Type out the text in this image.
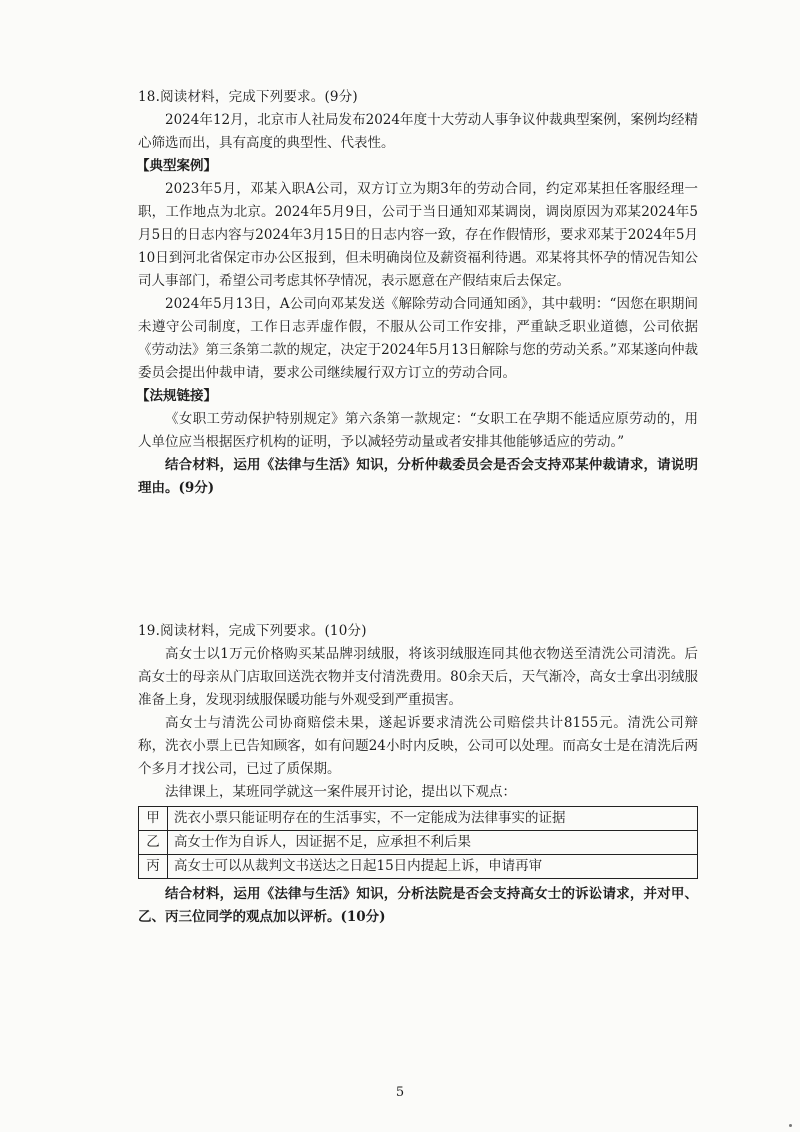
18.阅读材料，完成下列要求。(9分)

2024年12月，北京市人社局发布2024年度十大劳动人事争议仲裁典型案例，案例均经精心筛选而出，具有高度的典型性、代表性。

【典型案例】

2023年5月，邓某入职A公司，双方订立为期3年的劳动合同，约定邓某担任客服经理一职，工作地点为北京。2024年5月9日，公司于当日通知邓某调岗，调岗原因为邓某2024年5月5日的日志内容与2024年3月15日的日志内容一致，存在作假情形，要求邓某于2024年5月10日到河北省保定市办公区报到，但未明确岗位及薪资福利待遇。邓某将其怀孕的情况告知公司人事部门，希望公司考虑其怀孕情况，表示愿意在产假结束后去保定。

2024年5月13日，A公司向邓某发送《解除劳动合同通知函》，其中载明：“因您在职期间未遵守公司制度，工作日志弄虚作假，不服从公司工作安排，严重缺乏职业道德，公司依据《劳动法》第三条第二款的规定，决定于2024年5月13日解除与您的劳动关系。”邓某遂向仲裁委员会提出仲裁申请，要求公司继续履行双方订立的劳动合同。

【法规链接】

《女职工劳动保护特别规定》第六条第一款规定：“女职工在孕期不能适应原劳动的，用人单位应当根据医疗机构的证明，予以减轻劳动量或者安排其他能够适应的劳动。”

结合材料，运用《法律与生活》知识，分析仲裁委员会是否会支持邓某仲裁请求，请说明理由。(9分)

19.阅读材料，完成下列要求。(10分)

高女士以1万元价格购买某品牌羽绒服，将该羽绒服连同其他衣物送至清洗公司清洗。后高女士的母亲从门店取回送洗衣物并支付清洗费用。80余天后，天气渐冷，高女士拿出羽绒服准备上身，发现羽绒服保暖功能与外观受到严重损害。

高女士与清洗公司协商赔偿未果，遂起诉要求清洗公司赔偿共计8155元。清洗公司辩称，洗衣小票上已告知顾客，如有问题24小时内反映，公司可以处理。而高女士是在清洗后两个多月才找公司，已过了质保期。

法律课上，某班同学就这一案件展开讨论，提出以下观点：

甲	洗衣小票只能证明存在的生活事实，不一定能成为法律事实的证据
乙	高女士作为自诉人，因证据不足，应承担不利后果
丙	高女士可以从裁判文书送达之日起15日内提起上诉，申请再审

结合材料，运用《法律与生活》知识，分析法院是否会支持高女士的诉讼请求，并对甲、乙、丙三位同学的观点加以评析。(10分)

5
